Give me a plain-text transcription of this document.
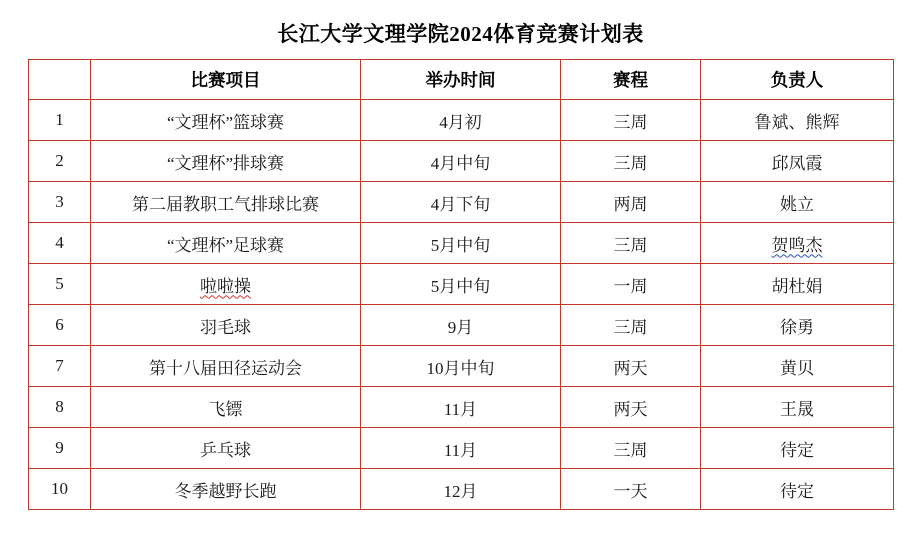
长江大学文理学院2024体育竞赛计划表
	比赛项目	举办时间	赛程	负责人
1	“文理杯”篮球赛	4月初	三周	鲁斌、熊辉
2	“文理杯”排球赛	4月中旬	三周	邱凤霞
3	第二届教职工气排球比赛	4月下旬	两周	姚立
4	“文理杯”足球赛	5月中旬	三周	贺鸣杰
5	啦啦操	5月中旬	一周	胡杜娟
6	羽毛球	9月	三周	徐勇
7	第十八届田径运动会	10月中旬	两天	黄贝
8	飞镖	11月	两天	王晟
9	乒乓球	11月	三周	待定
10	冬季越野长跑	12月	一天	待定
